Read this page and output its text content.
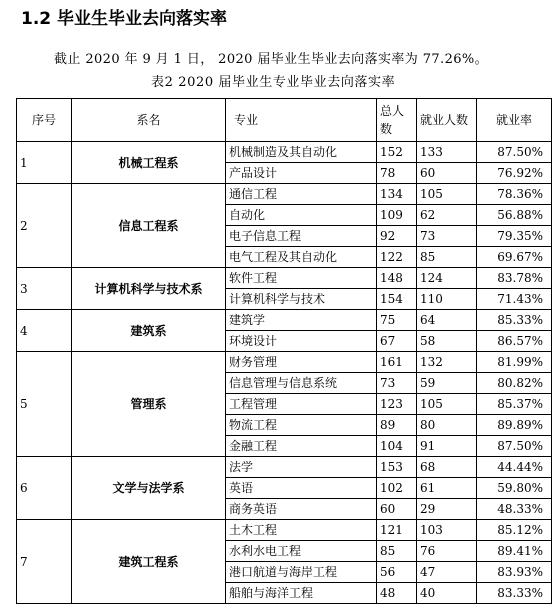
1.2 毕业生毕业去向落实率
截止 2020 年 9 月 1 日， 2020 届毕业生毕业去向落实率为 77.26%。
表2 2020 届毕业生专业毕业去向落实率
序号	系名	专业	总人数	就业人数	就业率
1	机械工程系	机械制造及其自动化	152	133	87.50%
		产品设计	78	60	76.92%
2	信息工程系	通信工程	134	105	78.36%
		自动化	109	62	56.88%
		电子信息工程	92	73	79.35%
		电气工程及其自动化	122	85	69.67%
3	计算机科学与技术系	软件工程	148	124	83.78%
		计算机科学与技术	154	110	71.43%
4	建筑系	建筑学	75	64	85.33%
		环境设计	67	58	86.57%
5	管理系	财务管理	161	132	81.99%
		信息管理与信息系统	73	59	80.82%
		工程管理	123	105	85.37%
		物流工程	89	80	89.89%
		金融工程	104	91	87.50%
6	文学与法学系	法学	153	68	44.44%
		英语	102	61	59.80%
		商务英语	60	29	48.33%
7	建筑工程系	土木工程	121	103	85.12%
		水利水电工程	85	76	89.41%
		港口航道与海岸工程	56	47	83.93%
		船舶与海洋工程	48	40	83.33%
